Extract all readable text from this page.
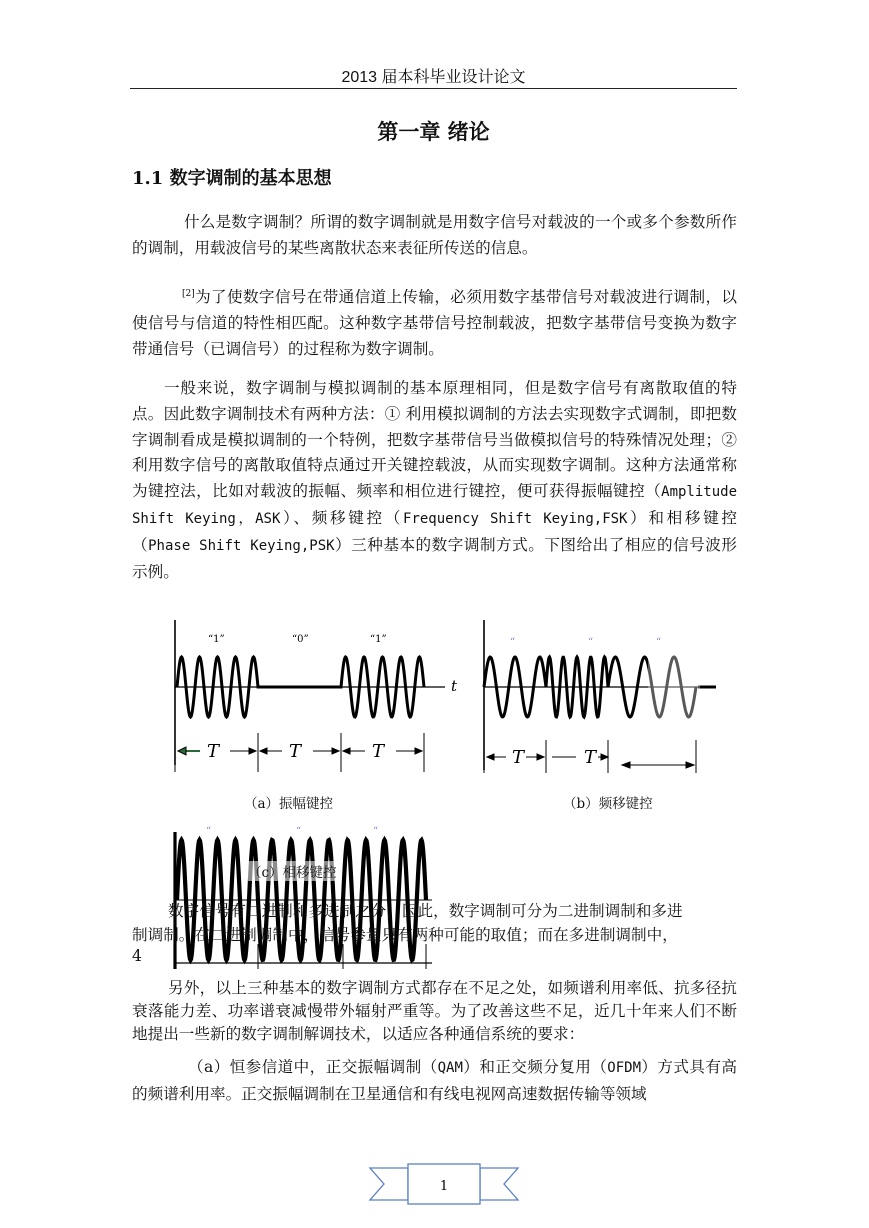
2013 届本科毕业设计论文
第一章 绪论
1.1 数字调制的基本思想

什么是数字调制？所谓的数字调制就是用数字信号对载波的一个或多个参数所作的调制，用载波信号的某些离散状态来表征所传送的信息。

[2]为了使数字信号在带通信道上传输，必须用数字基带信号对载波进行调制，以使信号与信道的特性相匹配。这种数字基带信号控制载波，把数字基带信号变换为数字带通信号（已调信号）的过程称为数字调制。

一般来说，数字调制与模拟调制的基本原理相同，但是数字信号有离散取值的特点。因此数字调制技术有两种方法：① 利用模拟调制的方法去实现数字式调制，即把数字调制看成是模拟调制的一个特例，把数字基带信号当做模拟信号的特殊情况处理；② 利用数字信号的离散取值特点通过开关键控载波，从而实现数字调制。这种方法通常称为键控法，比如对载波的振幅、频率和相位进行键控，便可获得振幅键控（Amplitude Shift Keying，ASK）、频移键控（Frequency Shift Keying,FSK）和相移键控（Phase Shift Keying,PSK）三种基本的数字调制方式。下图给出了相应的信号波形示例。

“1”	“0”	“1”
t
T	T	T
（a）振幅键控
“	“	“
T	T
（b）频移键控
“	“	“
（c）相移键控
数字信号有二进制和多进制之分，因此，数字调制可分为二进制调制和多进
制调制。在二进制调制中，信号参量只有两种可能的取值；而在多进制调制中，
4

另外，以上三种基本的数字调制方式都存在不足之处，如频谱利用率低、抗多径抗衰落能力差、功率谱衰减慢带外辐射严重等。为了改善这些不足，近几十年来人们不断地提出一些新的数字调制解调技术，以适应各种通信系统的要求：

（a）恒参信道中，正交振幅调制（QAM）和正交频分复用（OFDM）方式具有高的频谱利用率。正交振幅调制在卫星通信和有线电视网高速数据传输等领域

1
